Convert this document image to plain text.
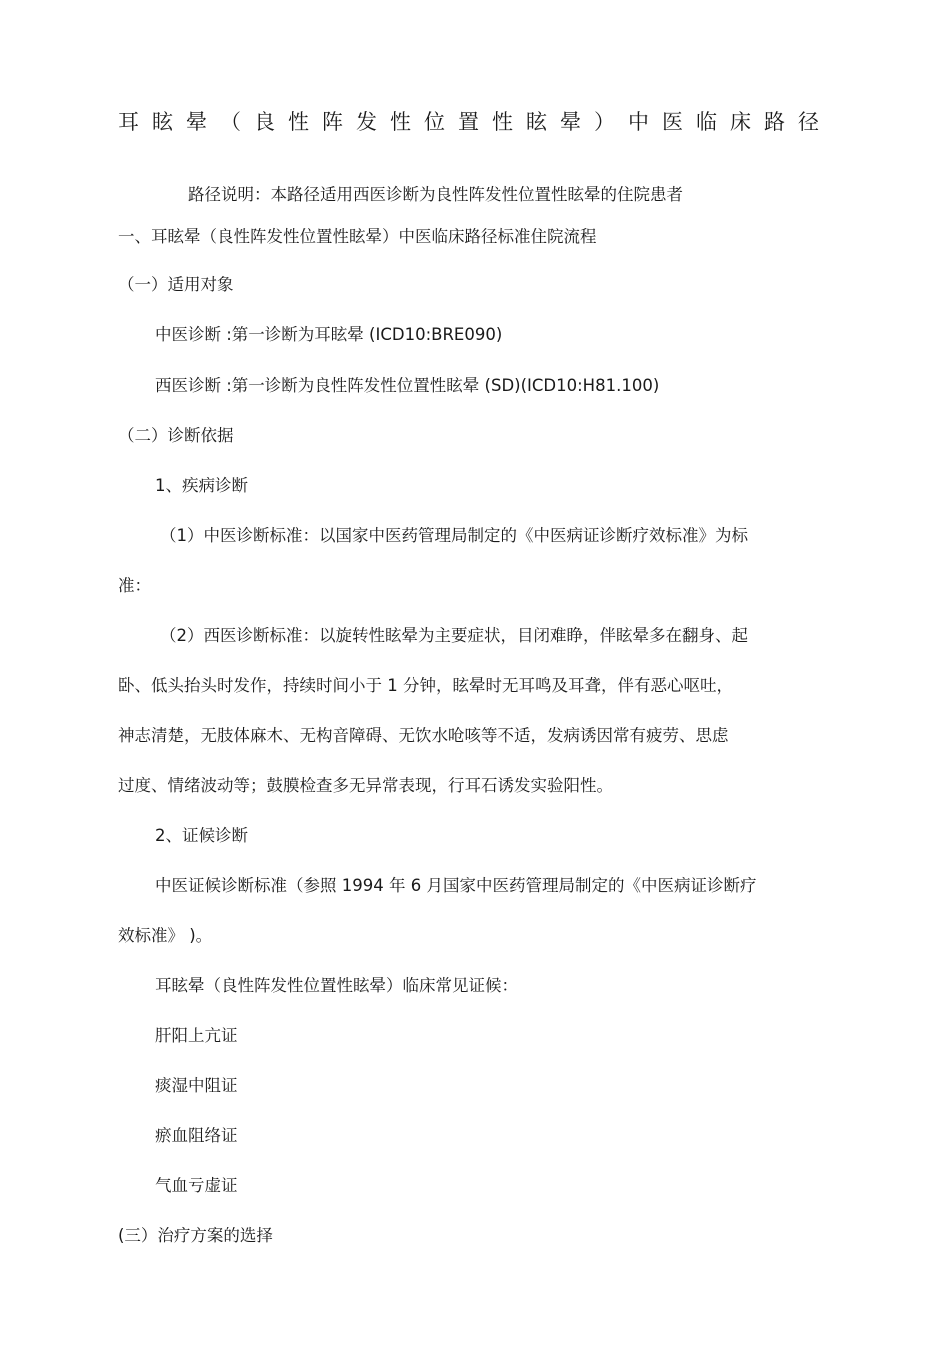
耳眩晕（良性阵发性位置性眩晕）中医临床路径
路径说明：本路径适用西医诊断为良性阵发性位置性眩晕的住院患者
一、耳眩晕（良性阵发性位置性眩晕）中医临床路径标准住院流程
（一）适用对象
中医诊断 :第一诊断为耳眩晕 (ICD10:BRE090)
西医诊断 :第一诊断为良性阵发性位置性眩晕 (SD)(ICD10:H81.100)
（二）诊断依据
1、疾病诊断
（1）中医诊断标准：以国家中医药管理局制定的《中医病证诊断疗效标准》为标
准：
（2）西医诊断标准：以旋转性眩晕为主要症状，目闭难睁，伴眩晕多在翻身、起
卧、低头抬头时发作，持续时间小于 1 分钟，眩晕时无耳鸣及耳聋，伴有恶心呕吐，
神志清楚，无肢体麻木、无构音障碍、无饮水呛咳等不适，发病诱因常有疲劳、思虑
过度、情绪波动等；鼓膜检查多无异常表现，行耳石诱发实验阳性。
2、证候诊断
中医证候诊断标准（参照 1994 年 6 月国家中医药管理局制定的《中医病证诊断疗
效标准》 )。
耳眩晕（良性阵发性位置性眩晕）临床常见证候：
肝阳上亢证
痰湿中阻证
瘀血阻络证
气血亏虚证
(三）治疗方案的选择
